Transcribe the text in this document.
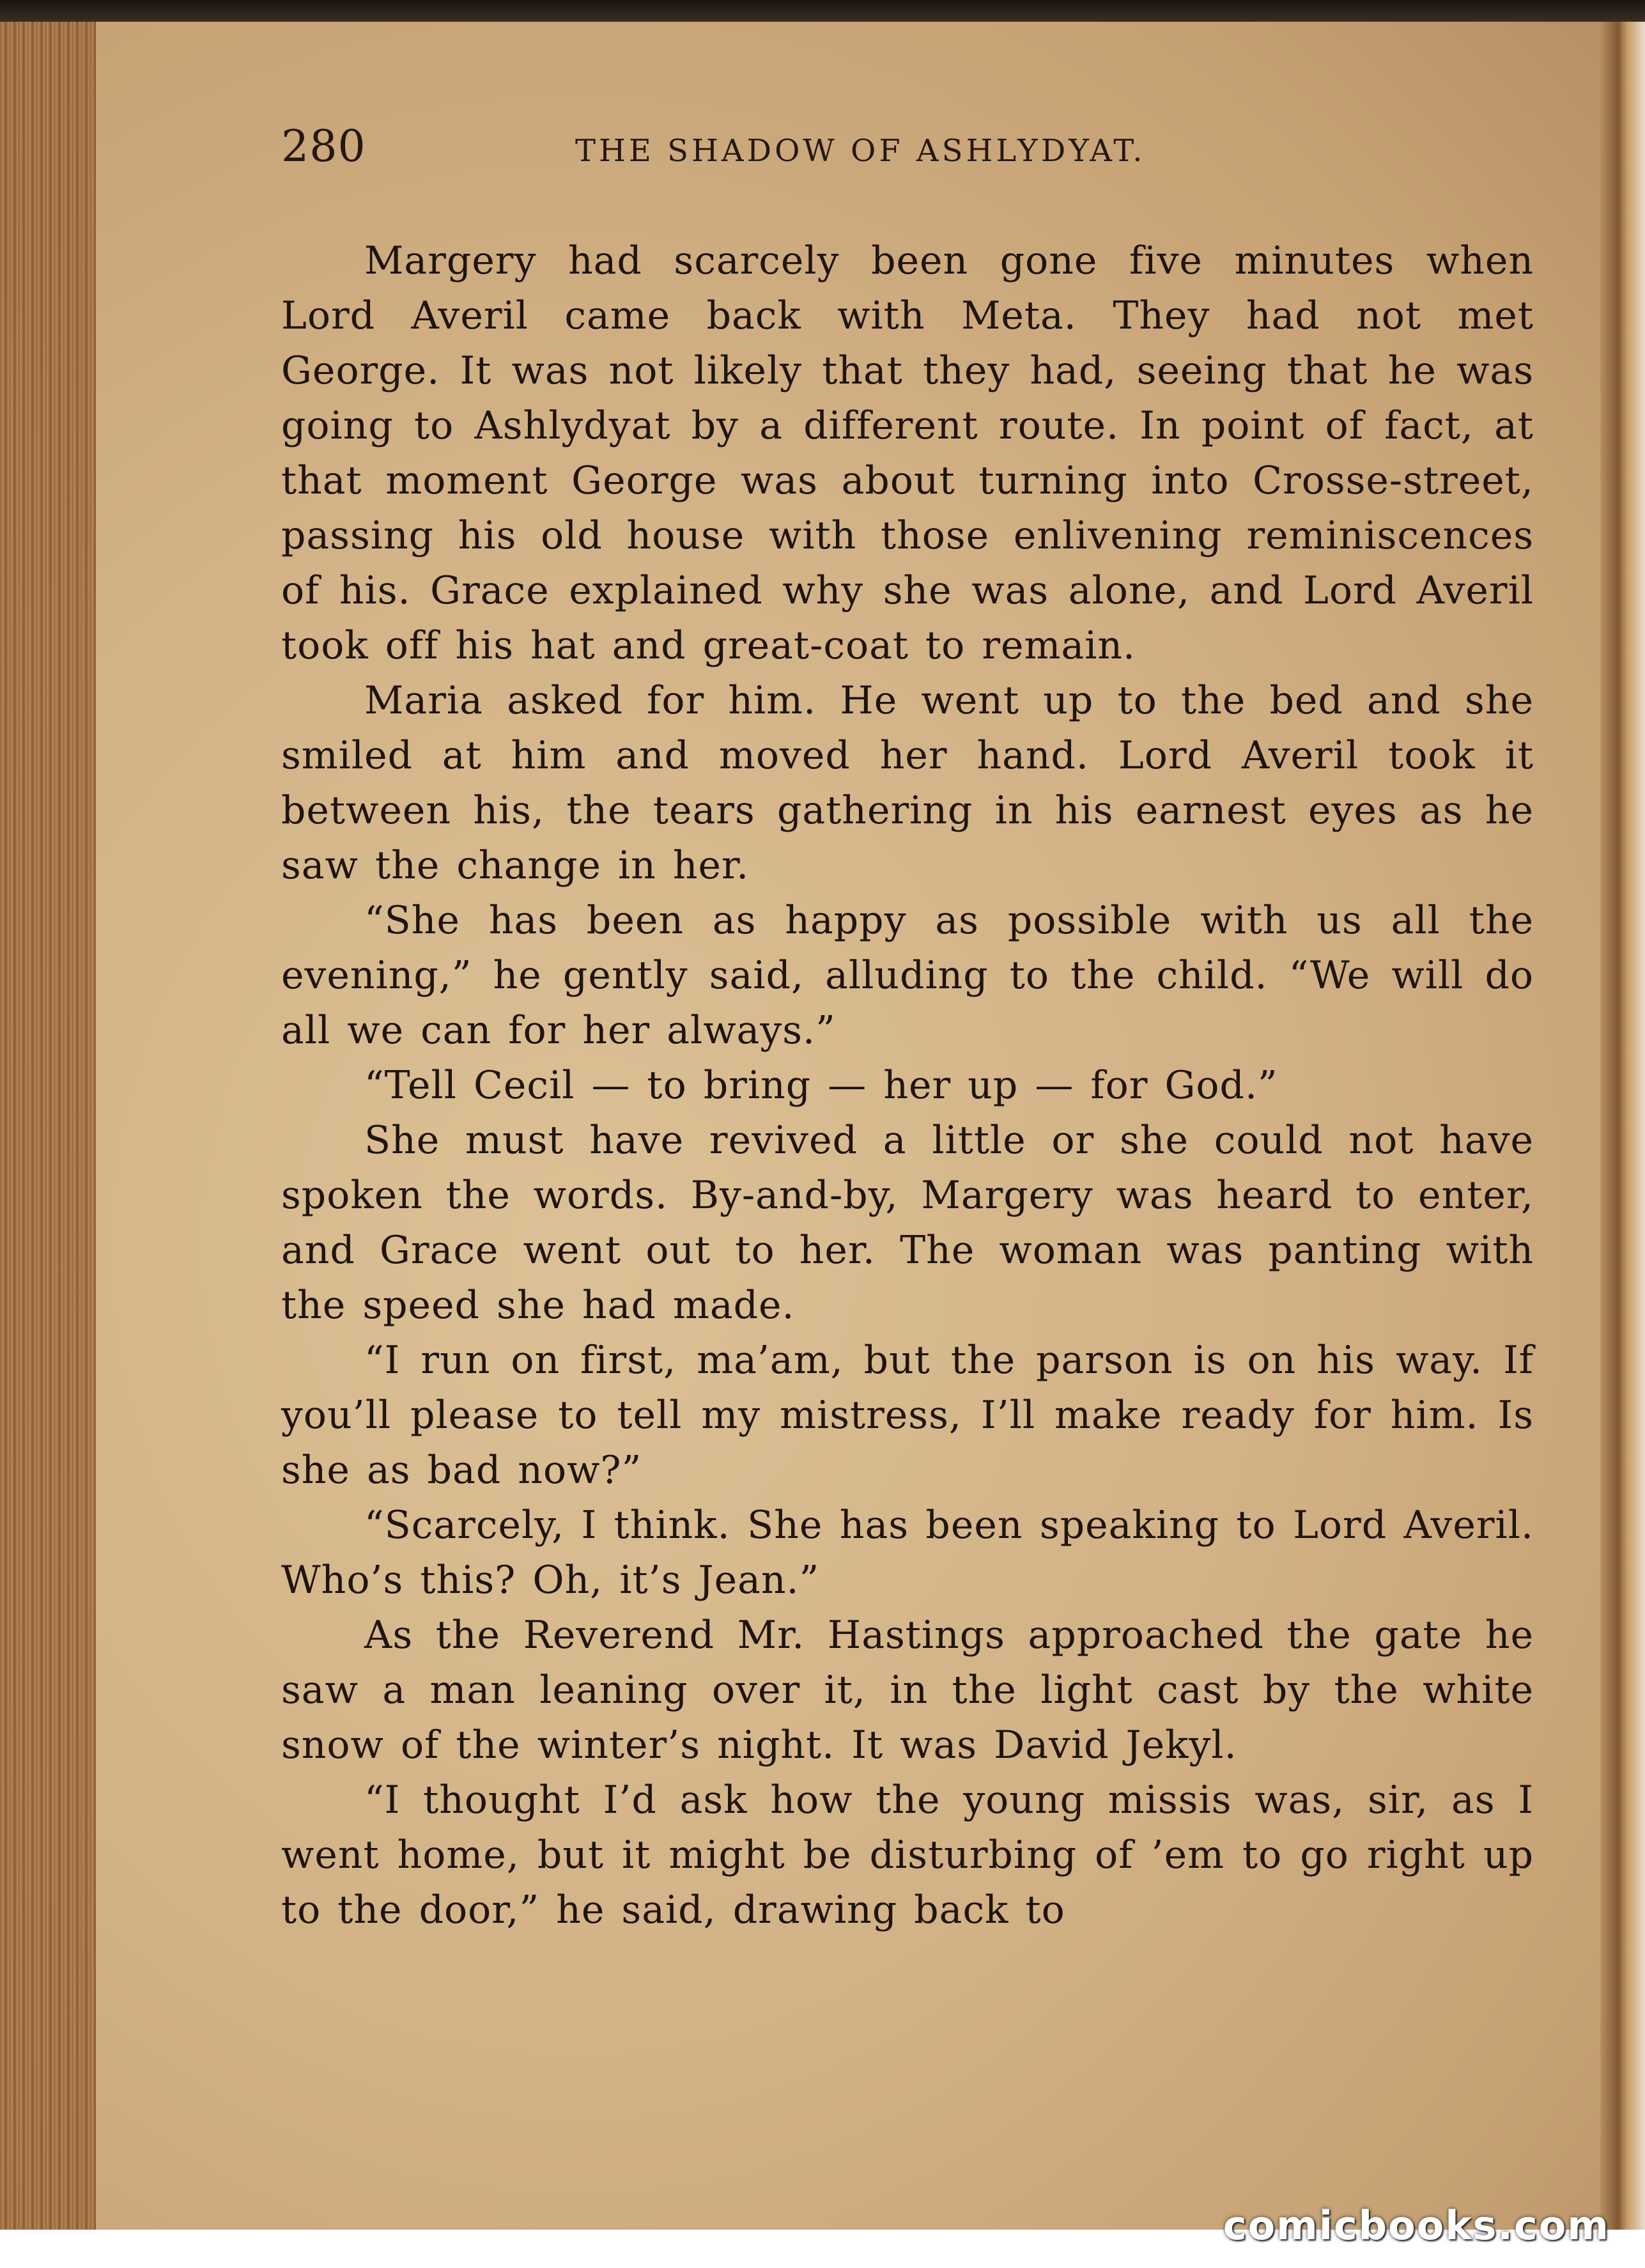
280	THE SHADOW OF ASHLYDYAT.

Margery had scarcely been gone five minutes when Lord Averil came back with Meta. They had not met George. It was not likely that they had, seeing that he was going to Ashlydyat by a different route. In point of fact, at that moment George was about turning into Crosse-street, passing his old house with those enlivening reminiscences of his. Grace explained why she was alone, and Lord Averil took off his hat and great-coat to remain.

Maria asked for him. He went up to the bed and she smiled at him and moved her hand. Lord Averil took it between his, the tears gathering in his earnest eyes as he saw the change in her.

“She has been as happy as possible with us all the evening,” he gently said, alluding to the child. “We will do all we can for her always.”

“Tell Cecil — to bring — her up — for God.”

She must have revived a little or she could not have spoken the words. By-and-by, Margery was heard to enter, and Grace went out to her. The woman was panting with the speed she had made.

“I run on first, ma’am, but the parson is on his way. If you’ll please to tell my mistress, I’ll make ready for him. Is she as bad now?”

“Scarcely, I think. She has been speaking to Lord Averil. Who’s this? Oh, it’s Jean.”

As the Reverend Mr. Hastings approached the gate he saw a man leaning over it, in the light cast by the white snow of the winter’s night. It was David Jekyl.

“I thought I’d ask how the young missis was, sir, as I went home, but it might be disturbing of ’em to go right up to the door,” he said, drawing back to

comicbooks.com
